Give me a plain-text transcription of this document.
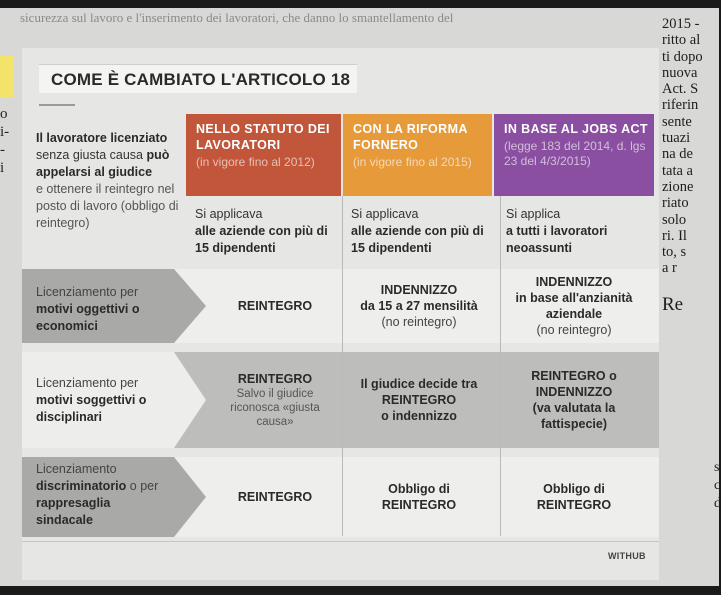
sicurezza sul lavoro e l'inserimento dei lavoratori, che danno lo smantellamento del
o
i-
-
i
2015 -
ritto al
ti dopo
nuova
Act. S
riferin
sente
tuazi
na de
tata a
zione
riato
solo
ri. Il
to, s
a r
Re
s
c
d
COME È CAMBIATO L'ARTICOLO 18
Il lavoratore licenziato senza giusta causa può appelarsi al giudice
e ottenere il reintegro nel posto di lavoro (obbligo di reintegro)
NELLO STATUTO DEI LAVORATORI
(in vigore fino al 2012)
CON LA RIFORMA FORNERO
(in vigore fino al 2015)
IN BASE AL JOBS ACT
(legge 183 del 2014, d. lgs 23 del 4/3/2015)
Si applicava
alle aziende con più di 15 dipendenti
Si applicava
alle aziende con più di 15 dipendenti
Si applica
a tutti i lavoratori neoassunti
Licenziamento per motivi oggettivi o economici
REINTEGRO
INDENNIZZO
da 15 a 27 mensilità
(no reintegro)
INDENNIZZO
in base all'anzianità aziendale
(no reintegro)
Licenziamento per motivi soggettivi o disciplinari
REINTEGRO
Salvo il giudice riconosca «giusta causa»
Il giudice decide tra
REINTEGRO
o indennizzo
REINTEGRO o INDENNIZZO
(va valutata la fattispecie)
Licenziamento discriminatorio o per rappresaglia sindacale
REINTEGRO
Obbligo di REINTEGRO
Obbligo di REINTEGRO
WITHUB
